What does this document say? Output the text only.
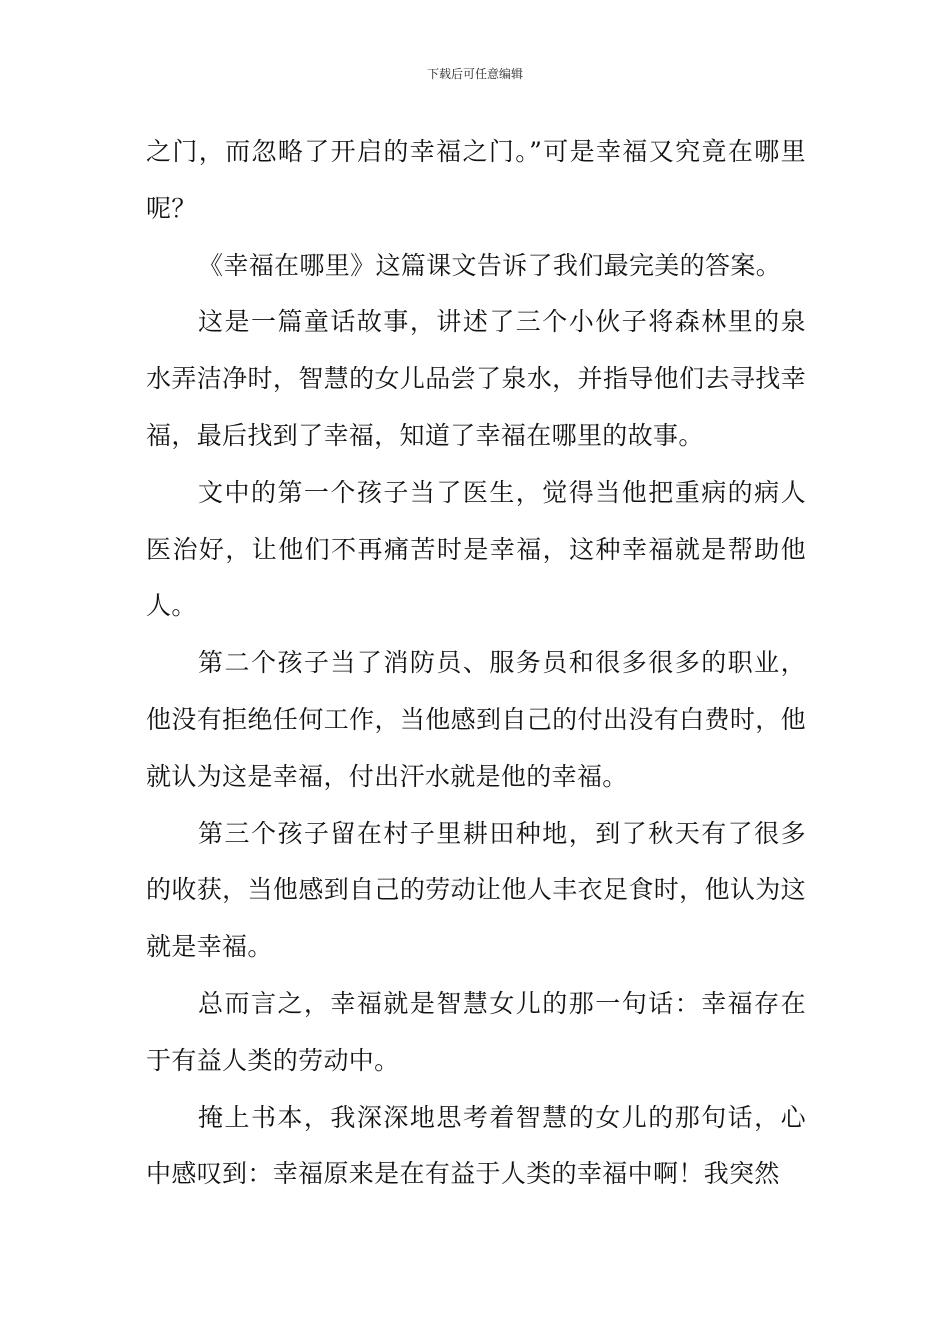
下载后可任意编辑

之门，而忽略了开启的幸福之门。”可是幸福又究竟在哪里呢？

《幸福在哪里》这篇课文告诉了我们最完美的答案。

这是一篇童话故事，讲述了三个小伙子将森林里的泉水弄洁净时，智慧的女儿品尝了泉水，并指导他们去寻找幸福，最后找到了幸福，知道了幸福在哪里的故事。

文中的第一个孩子当了医生，觉得当他把重病的病人医治好，让他们不再痛苦时是幸福，这种幸福就是帮助他人。

第二个孩子当了消防员、服务员和很多很多的职业，他没有拒绝任何工作，当他感到自己的付出没有白费时，他就认为这是幸福，付出汗水就是他的幸福。

第三个孩子留在村子里耕田种地，到了秋天有了很多的收获，当他感到自己的劳动让他人丰衣足食时，他认为这就是幸福。

总而言之，幸福就是智慧女儿的那一句话：幸福存在于有益人类的劳动中。

掩上书本，我深深地思考着智慧的女儿的那句话，心中感叹到：幸福原来是在有益于人类的幸福中啊！我突然
